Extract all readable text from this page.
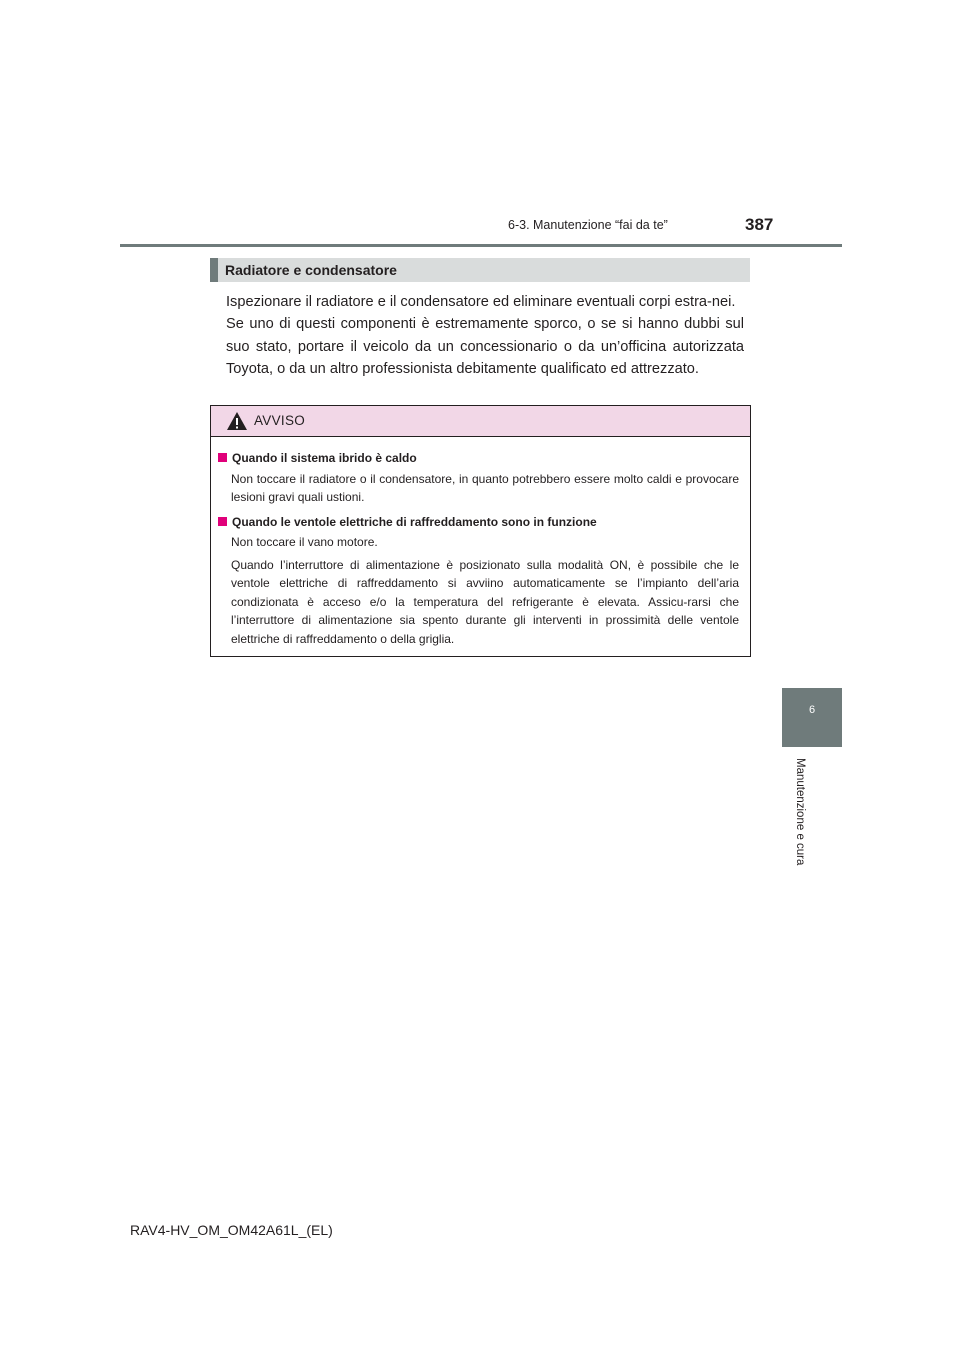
6-3. Manutenzione “fai da te”	387
6
Manutenzione e cura
Radiatore e condensatore

Ispezionare il radiatore e il condensatore ed eliminare eventuali corpi estra-nei.

Se uno di questi componenti è estremamente sporco, o se si hanno dubbi sul suo stato, portare il veicolo da un concessionario o da un’officina autorizzata Toyota, o da un altro professionista debitamente qualificato ed attrezzato.

AVVISO

Quando il sistema ibrido è caldo

Non toccare il radiatore o il condensatore, in quanto potrebbero essere molto caldi e provocare lesioni gravi quali ustioni.

Quando le ventole elettriche di raffreddamento sono in funzione

Non toccare il vano motore.

Quando l’interruttore di alimentazione è posizionato sulla modalità ON, è possibile che le ventole elettriche di raffreddamento si avviino automaticamente se l’impianto dell’aria condizionata è acceso e/o la temperatura del refrigerante è elevata. Assicu-rarsi che l’interruttore di alimentazione sia spento durante gli interventi in prossimità delle ventole elettriche di raffreddamento o della griglia.

RAV4-HV_OM_OM42A61L_(EL)
